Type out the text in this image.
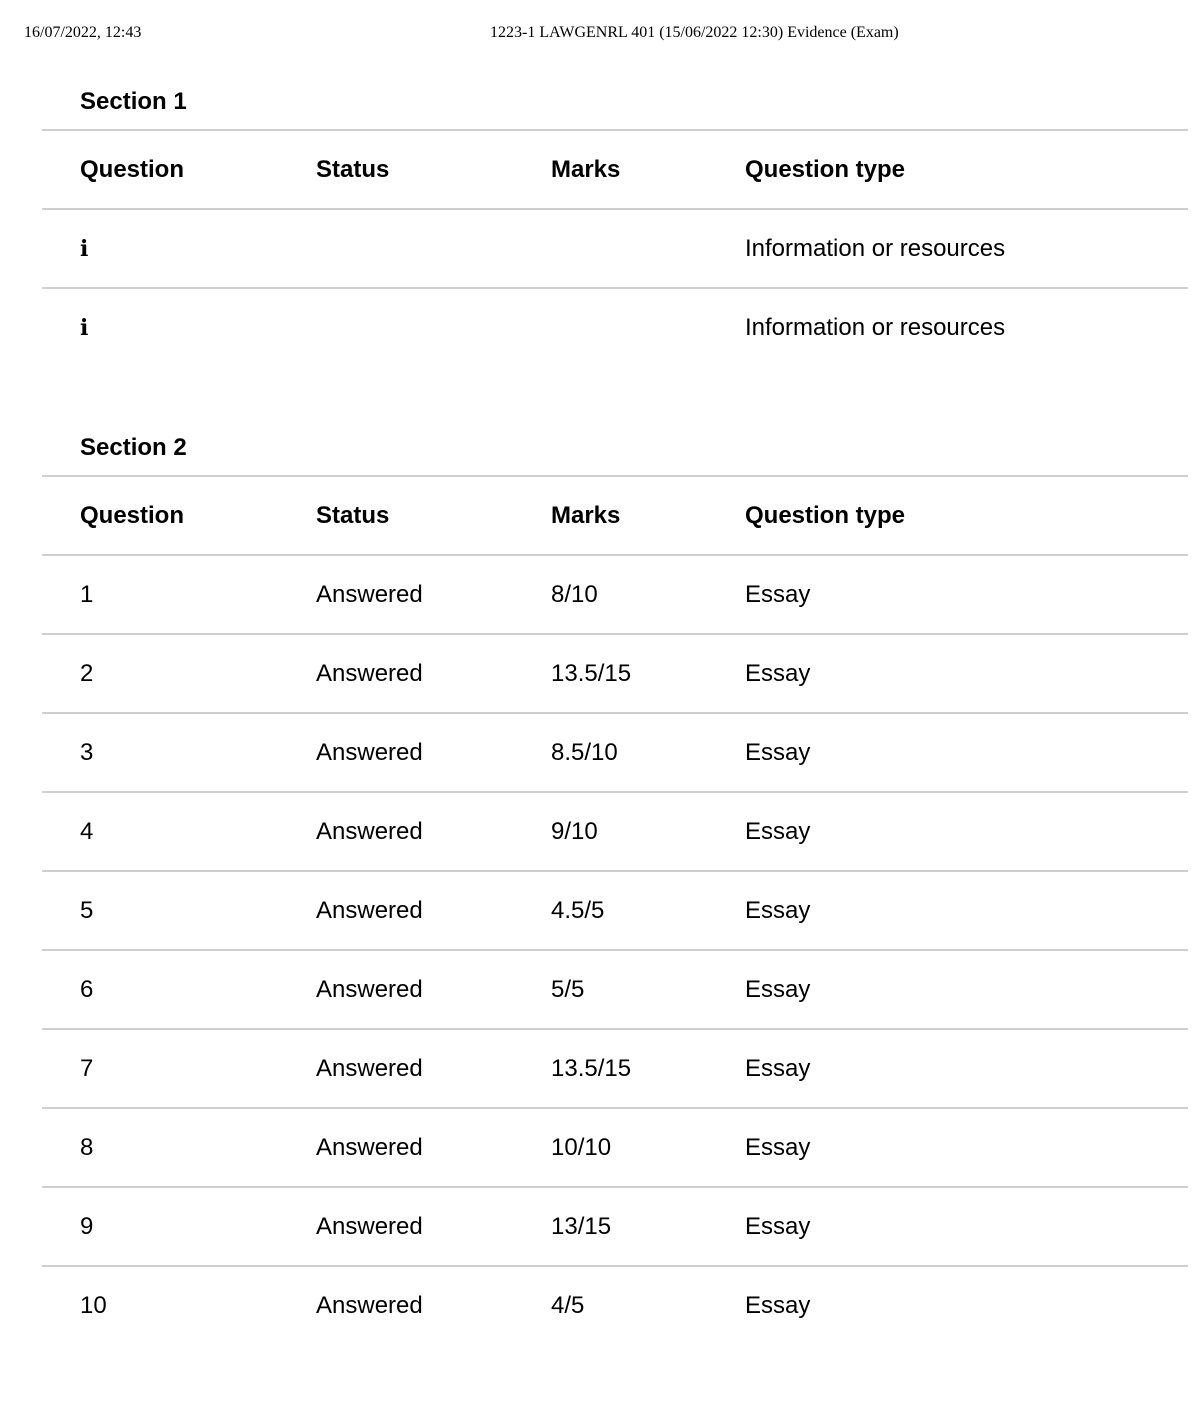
16/07/2022, 12:43	1223-1 LAWGENRL 401 (15/06/2022 12:30) Evidence (Exam)
Section 1
Question	Status	Marks	Question type
i			Information or resources
i			Information or resources
Section 2
Question	Status	Marks	Question type
1	Answered	8/10	Essay
2	Answered	13.5/15	Essay
3	Answered	8.5/10	Essay
4	Answered	9/10	Essay
5	Answered	4.5/5	Essay
6	Answered	5/5	Essay
7	Answered	13.5/15	Essay
8	Answered	10/10	Essay
9	Answered	13/15	Essay
10	Answered	4/5	Essay
